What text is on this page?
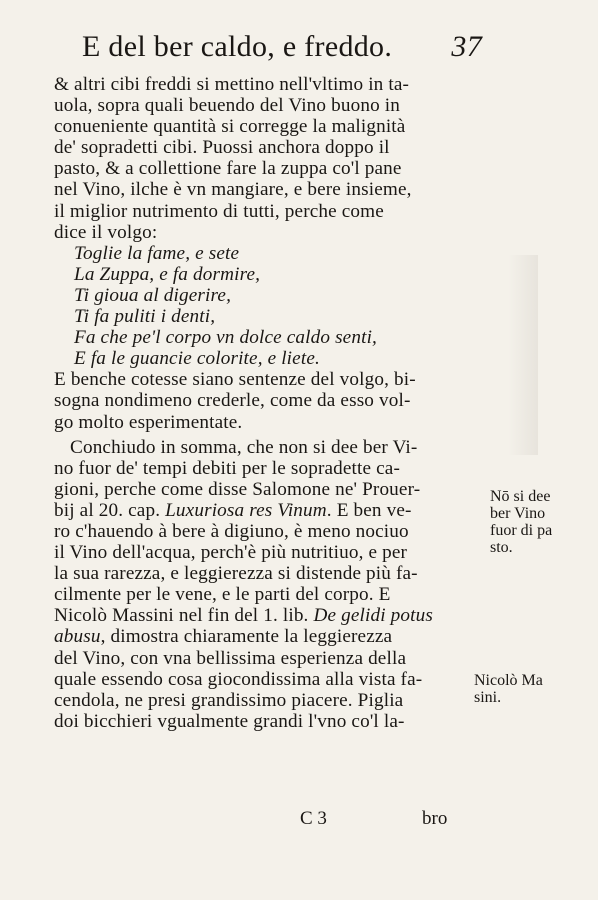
E del ber caldo, e freddo. 37
& altri cibi freddi si mettino nell'vltimo in ta-
uola, sopra quali beuendo del Vino buono in
conueniente quantità si corregge la malignità
de' sopradetti cibi. Puossi anchora doppo il
pasto, & a collettione fare la zuppa co'l pane
nel Vino, ilche è vn mangiare, e bere insieme,
il miglior nutrimento di tutti, perche come
dice il volgo:
Toglie la fame, e sete
La Zuppa, e fa dormire,
Ti gioua al digerire,
Ti fa puliti i denti,
Fa che pe'l corpo vn dolce caldo senti,
E fa le guancie colorite, e liete.
E benche cotesse siano sentenze del volgo, bi-
sogna nondimeno crederle, come da esso vol-
go molto esperimentate.
Conchiudo in somma, che non si dee ber Vi-
no fuor de' tempi debiti per le sopradette ca-
gioni, perche come disse Salomone ne' Prouer-
bij al 20. cap. Luxuriosa res Vinum. E ben ve-
ro c'hauendo à bere à digiuno, è meno nociuo
il Vino dell'acqua, perch'è più nutritiuo, e per
la sua rarezza, e leggierezza si distende più fa-
cilmente per le vene, e le parti del corpo. E
Nicolò Massini nel fin del 1. lib. De gelidi potus
abusu, dimostra chiaramente la leggierezza
del Vino, con vna bellissima esperienza della
quale essendo cosa giocondissima alla vista fa-
cendola, ne presi grandissimo piacere. Piglia
doi bicchieri vgualmente grandi l'vno co'l la-
Nō si dee
ber Vino
fuor di pa
sto.
Nicolò Ma
sini.
C 3	bro
